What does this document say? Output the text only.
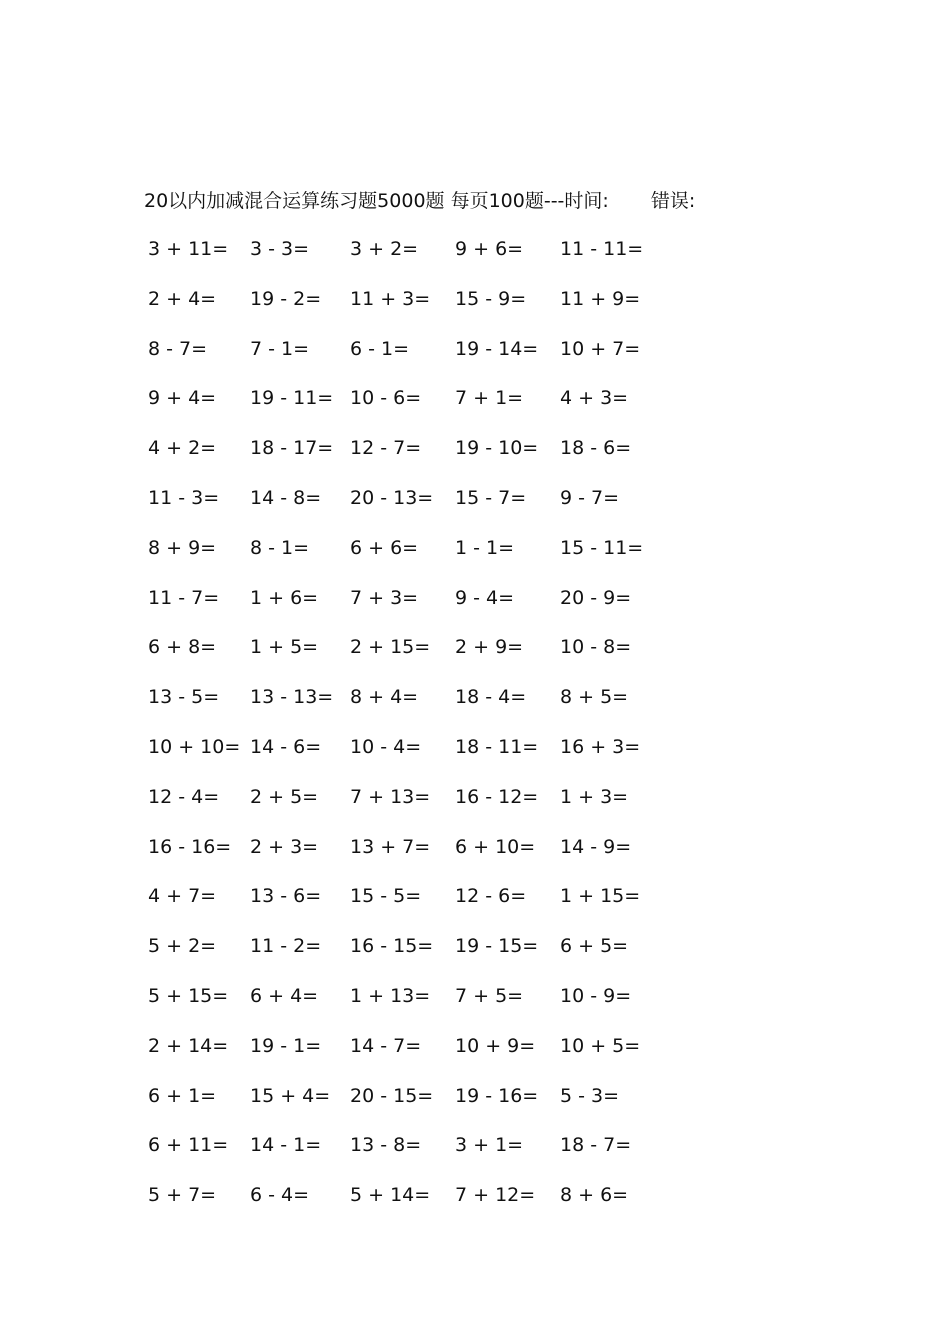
20以内加减混合运算练习题5000题 每页100题---时间: 错误:
3 + 11= 3 - 3= 3 + 2= 9 + 6= 11 - 11=
2 + 4= 19 - 2= 11 + 3= 15 - 9= 11 + 9=
8 - 7= 7 - 1= 6 - 1= 19 - 14= 10 + 7=
9 + 4= 19 - 11= 10 - 6= 7 + 1= 4 + 3=
4 + 2= 18 - 17= 12 - 7= 19 - 10= 18 - 6=
11 - 3= 14 - 8= 20 - 13= 15 - 7= 9 - 7=
8 + 9= 8 - 1= 6 + 6= 1 - 1= 15 - 11=
11 - 7= 1 + 6= 7 + 3= 9 - 4= 20 - 9=
6 + 8= 1 + 5= 2 + 15= 2 + 9= 10 - 8=
13 - 5= 13 - 13= 8 + 4= 18 - 4= 8 + 5=
10 + 10= 14 - 6= 10 - 4= 18 - 11= 16 + 3=
12 - 4= 2 + 5= 7 + 13= 16 - 12= 1 + 3=
16 - 16= 2 + 3= 13 + 7= 6 + 10= 14 - 9=
4 + 7= 13 - 6= 15 - 5= 12 - 6= 1 + 15=
5 + 2= 11 - 2= 16 - 15= 19 - 15= 6 + 5=
5 + 15= 6 + 4= 1 + 13= 7 + 5= 10 - 9=
2 + 14= 19 - 1= 14 - 7= 10 + 9= 10 + 5=
6 + 1= 15 + 4= 20 - 15= 19 - 16= 5 - 3=
6 + 11= 14 - 1= 13 - 8= 3 + 1= 18 - 7=
5 + 7= 6 - 4= 5 + 14= 7 + 12= 8 + 6=
